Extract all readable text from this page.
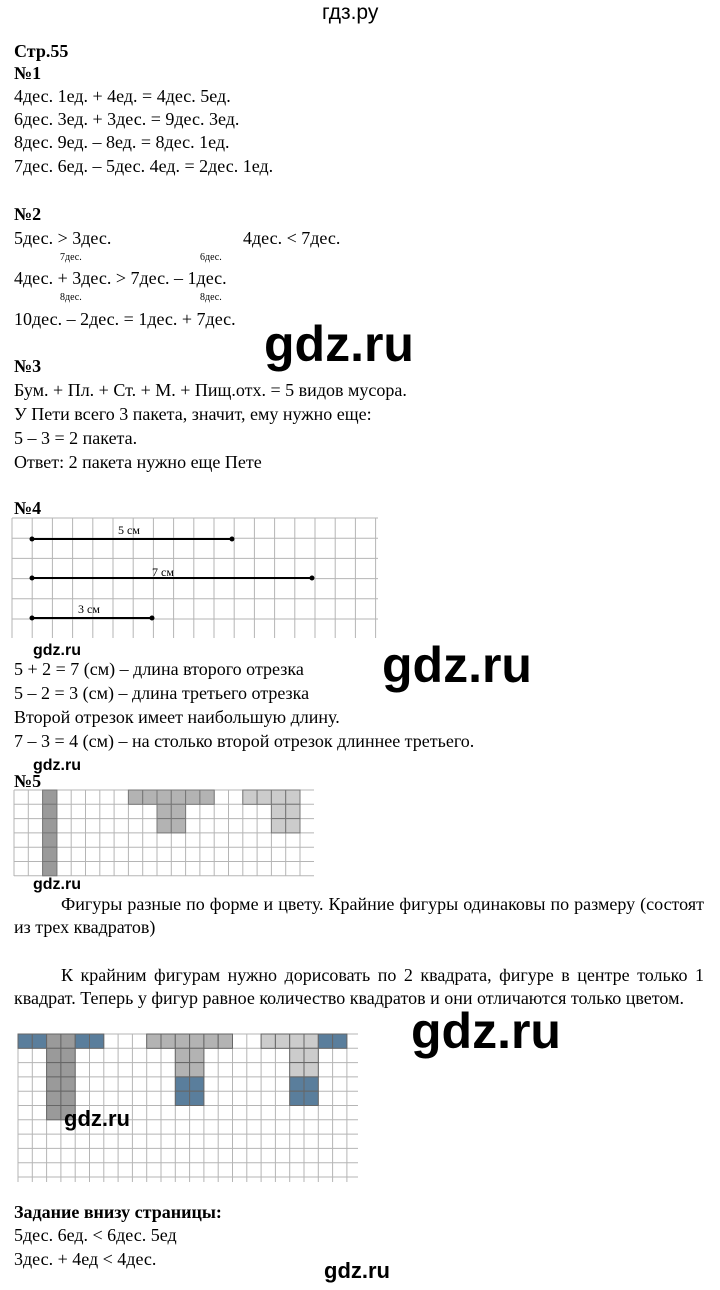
гдз.ру
Стр.55
№1
4дес. 1ед. + 4ед. = 4дес. 5ед.
6дес. 3ед. + 3дес. = 9дес. 3ед.
8дес. 9ед. – 8ед. = 8дес. 1ед.
7дес. 6ед. – 5дес. 4ед. = 2дес. 1ед.
№2
5дес. > 3дес.	4дес. < 7дес.
7дес.	6дес.
4дес. + 3дес. > 7дес. – 1дес.
8дес.	8дес.
10дес. – 2дес. = 1дес. + 7дес. gdz.ru
№3
Бум. + Пл. + Ст. + М. + Пищ.отх. = 5 видов мусора.
У Пети всего 3 пакета, значит, ему нужно еще:
5 – 3 = 2 пакета.
Ответ: 2 пакета нужно еще Пете
№4
5 см
7 см
3 см
gdz.ru	gdz.ru
5 + 2 = 7 (см) – длина второго отрезка
5 – 2 = 3 (см) – длина третьего отрезка
Второй отрезок имеет наибольшую длину.
7 – 3 = 4 (см) – на столько второй отрезок длиннее третьего.
gdz.ru
№5
gdz.ru
Фигуры разные по форме и цвету. Крайние фигуры одинаковы по размеру (состоят из трех квадратов)
К крайним фигурам нужно дорисовать по 2 квадрата, фигуре в центре только 1 квадрат. Теперь у фигур равное количество квадратов и они отличаются только цветом.
gdz.ru
gdz.ru
Задание внизу страницы:
5дес. 6ед. < 6дес. 5ед
3дес. + 4ед < 4дес.	gdz.ru
